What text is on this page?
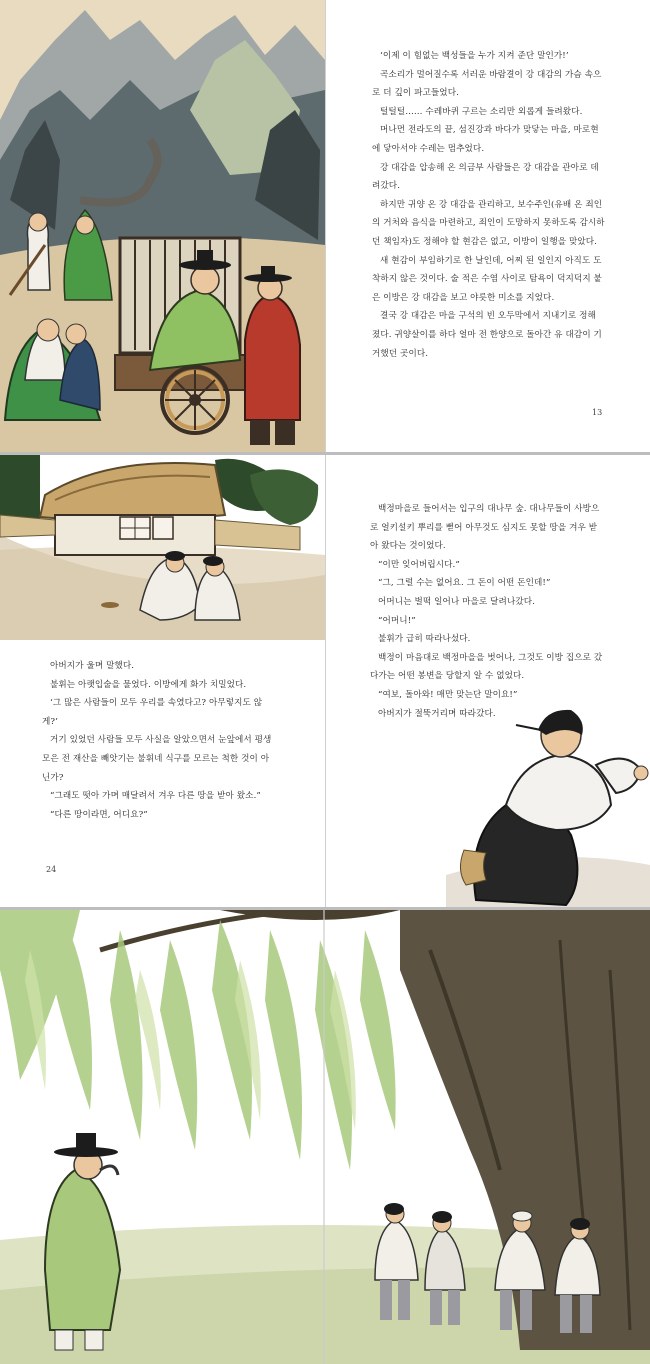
‘이제 이 힘없는 백성들을 누가 지켜 준단 말인가!’

곡소리가 멀어질수록 서러운 바람결이 강 대감의 가슴 속으

로 더 깊이 파고들었다.

털털털…… 수레바퀴 구르는 소리만 외롭게 들려왔다.

머나먼 전라도의 끝, 섬진강과 바다가 맞닿는 마을, 마로현

에 닿아서야 수레는 멈추었다.

강 대감을 압송해 온 의금부 사람들은 강 대감을 관아로 데

려갔다.

하지만 귀양 온 강 대감을 관리하고, 보수주인(유배 온 죄인

의 거처와 음식을 마련하고, 죄인이 도망하지 못하도록 감시하

던 책임자)도 정해야 할 현감은 없고, 이방이 일행을 맞았다.

새 현감이 부임하기로 한 날인데, 어찌 된 일인지 아직도 도

착하지 않은 것이다. 술 적은 수염 사이로 탐욕이 덕지덕지 붙

은 이방은 강 대감을 보고 야릇한 미소를 지었다.

결국 강 대감은 마을 구석의 빈 오두막에서 지내기로 정해

졌다. 귀양살이를 하다 얼마 전 한양으로 돌아간 유 대감이 기

거했던 곳이다.

13

아버지가 울며 말했다.

불휘는 아랫입술을 물었다. 이방에게 화가 치밀었다.

‘그 많은 사람들이 모두 우리를 속였다고? 아무렇지도 않

게?’

거기 있었던 사람들 모두 사실을 알았으면서 눈앞에서 평생

모은 전 재산을 빼앗기는 불휘네 식구를 모르는 척한 것이 아

닌가?

“그래도 떳아 가며 매달려서 겨우 다른 땅을 받아 왔소.”

“다른 땅이라면, 어디요?”

24

백정마을로 들어서는 입구의 대나무 숲. 대나무들이 사방으

로 얼키설키 뿌리를 뻗어 아무것도 심지도 못할 땅을 겨우 받

아 왔다는 것이었다.

“이만 잊어버립시다.”

“그, 그럴 수는 없어요. 그 돈이 어떤 돈인데!”

어머니는 벌떡 일어나 마을로 달려나갔다.

“어머니!”

불휘가 급히 따라나섰다.

백정이 마음대로 백정마을을 벗어나, 그것도 이방 집으로 갔

다가는 어떤 봉변을 당할지 알 수 없었다.

“여보, 돌아와! 매만 맞는단 말이요!”

아버지가 절뚝거리며 따라갔다.
